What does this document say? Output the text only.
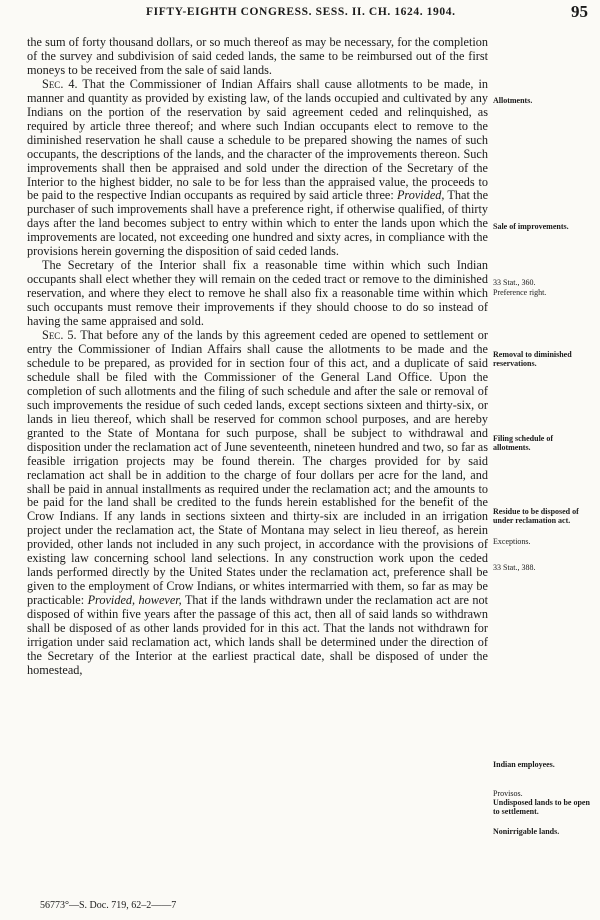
FIFTY-EIGHTH CONGRESS. SESS. II. CH. 1624. 1904.	95

the sum of forty thousand dollars, or so much thereof as may be necessary, for the completion of the survey and subdivision of said ceded lands, the same to be reimbursed out of the first moneys to be received from the sale of said lands.

Sec. 4. That the Commissioner of Indian Affairs shall cause allotments to be made, in manner and quantity as provided by existing law, of the lands occupied and cultivated by any Indians on the portion of the reservation by said agreement ceded and relinquished, as required by article three thereof; and where such Indian occupants elect to remove to the diminished reservation he shall cause a schedule to be prepared showing the names of such occupants, the descriptions of the lands, and the character of the improvements thereon. Such improvements shall then be appraised and sold under the direction of the Secretary of the Interior to the highest bidder, no sale to be for less than the appraised value, the proceeds to be paid to the respective Indian occupants as required by said article three: Provided, That the purchaser of such improvements shall have a preference right, if otherwise qualified, of thirty days after the land becomes subject to entry within which to enter the lands upon which the improvements are located, not exceeding one hundred and sixty acres, in compliance with the provisions herein governing the disposition of said ceded lands.

The Secretary of the Interior shall fix a reasonable time within which such Indian occupants shall elect whether they will remain on the ceded tract or remove to the diminished reservation, and where they elect to remove he shall also fix a reasonable time within which such occupants must remove their improvements if they should choose to do so instead of having the same appraised and sold.

Sec. 5. That before any of the lands by this agreement ceded are opened to settlement or entry the Commissioner of Indian Affairs shall cause the allotments to be made and the schedule to be prepared, as provided for in section four of this act, and a duplicate of said schedule shall be filed with the Commissioner of the General Land Office. Upon the completion of such allotments and the filing of such schedule and after the sale or removal of such improvements the residue of such ceded lands, except sections sixteen and thirty-six, or lands in lieu thereof, which shall be reserved for common school purposes, and are hereby granted to the State of Montana for such purpose, shall be subject to withdrawal and disposition under the reclamation act of June seventeenth, nineteen hundred and two, so far as feasible irrigation projects may be found therein. The charges provided for by said reclamation act shall be in addition to the charge of four dollars per acre for the land, and shall be paid in annual installments as required under the reclamation act; and the amounts to be paid for the land shall be credited to the funds herein established for the benefit of the Crow Indians. If any lands in sections sixteen and thirty-six are included in an irrigation project under the reclamation act, the State of Montana may select in lieu thereof, as herein provided, other lands not included in any such project, in accordance with the provisions of existing law concerning school land selections. In any construction work upon the ceded lands performed directly by the United States under the reclamation act, preference shall be given to the employment of Crow Indians, or whites intermarried with them, so far as may be practicable: Provided, however, That if the lands withdrawn under the reclamation act are not disposed of within five years after the passage of this act, then all of said lands so withdrawn shall be disposed of as other lands provided for in this act. That the lands not withdrawn for irrigation under said reclamation act, which lands shall be determined under the direction of the Secretary of the Interior at the earliest practical date, shall be disposed of under the homestead,

Allotments.
Sale of improvements.
33 Stat., 360.
Preference right.
Removal to diminished reservations.
Filing schedule of allotments.
Residue to be disposed of under reclamation act.
Exceptions.
33 Stat., 388.
Indian employees.
Provisos.
Undisposed lands to be open to settlement.
Nonirrigable lands.
56773°—S. Doc. 719, 62–2——7
